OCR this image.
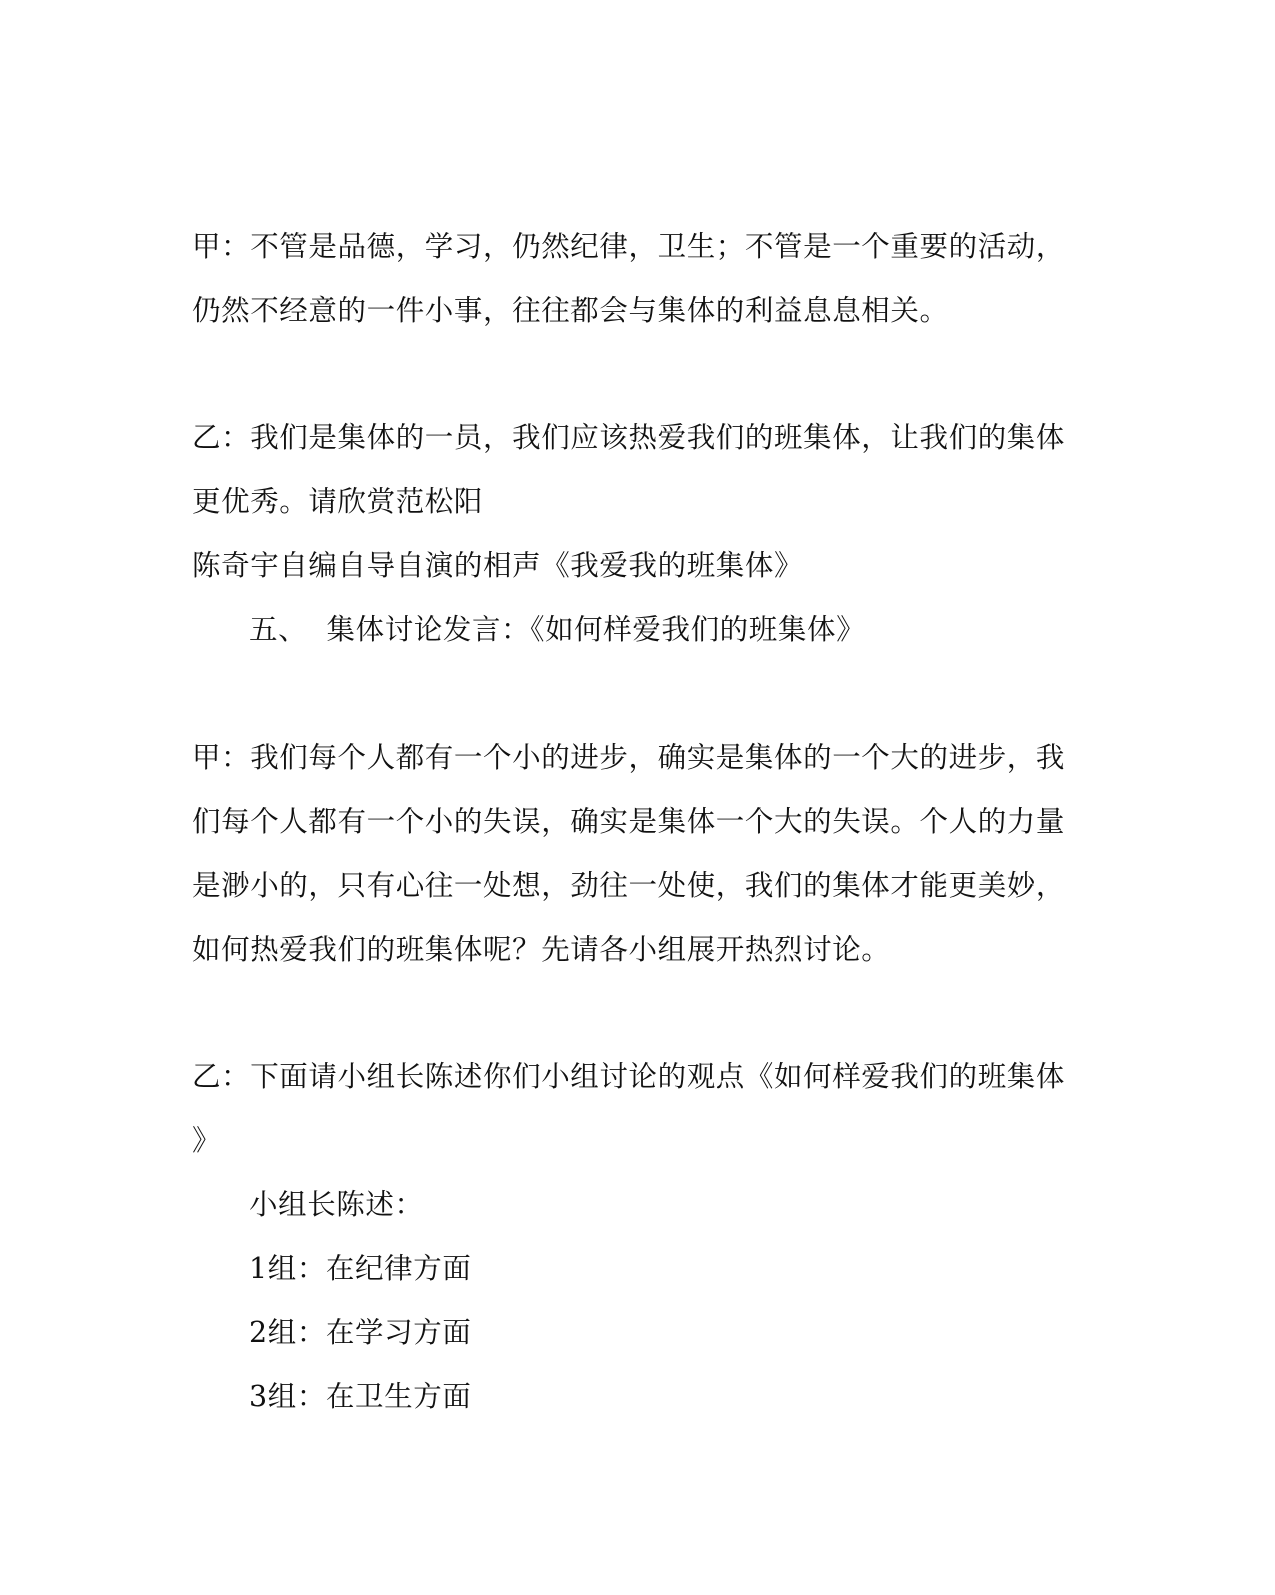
甲：不管是品德，学习，仍然纪律，卫生；不管是一个重要的活动，
仍然不经意的一件小事，往往都会与集体的利益息息相关。
乙：我们是集体的一员，我们应该热爱我们的班集体，让我们的集体
更优秀。请欣赏范松阳
陈奇宇自编自导自演的相声《我爱我的班集体》
五、  集体讨论发言：《如何样爱我们的班集体》
甲：我们每个人都有一个小的进步，确实是集体的一个大的进步，我
们每个人都有一个小的失误，确实是集体一个大的失误。个人的力量
是渺小的，只有心往一处想，劲往一处使，我们的集体才能更美妙，
如何热爱我们的班集体呢？先请各小组展开热烈讨论。
乙：下面请小组长陈述你们小组讨论的观点《如何样爱我们的班集体
》
小组长陈述：
1组：在纪律方面
2组：在学习方面
3组：在卫生方面
